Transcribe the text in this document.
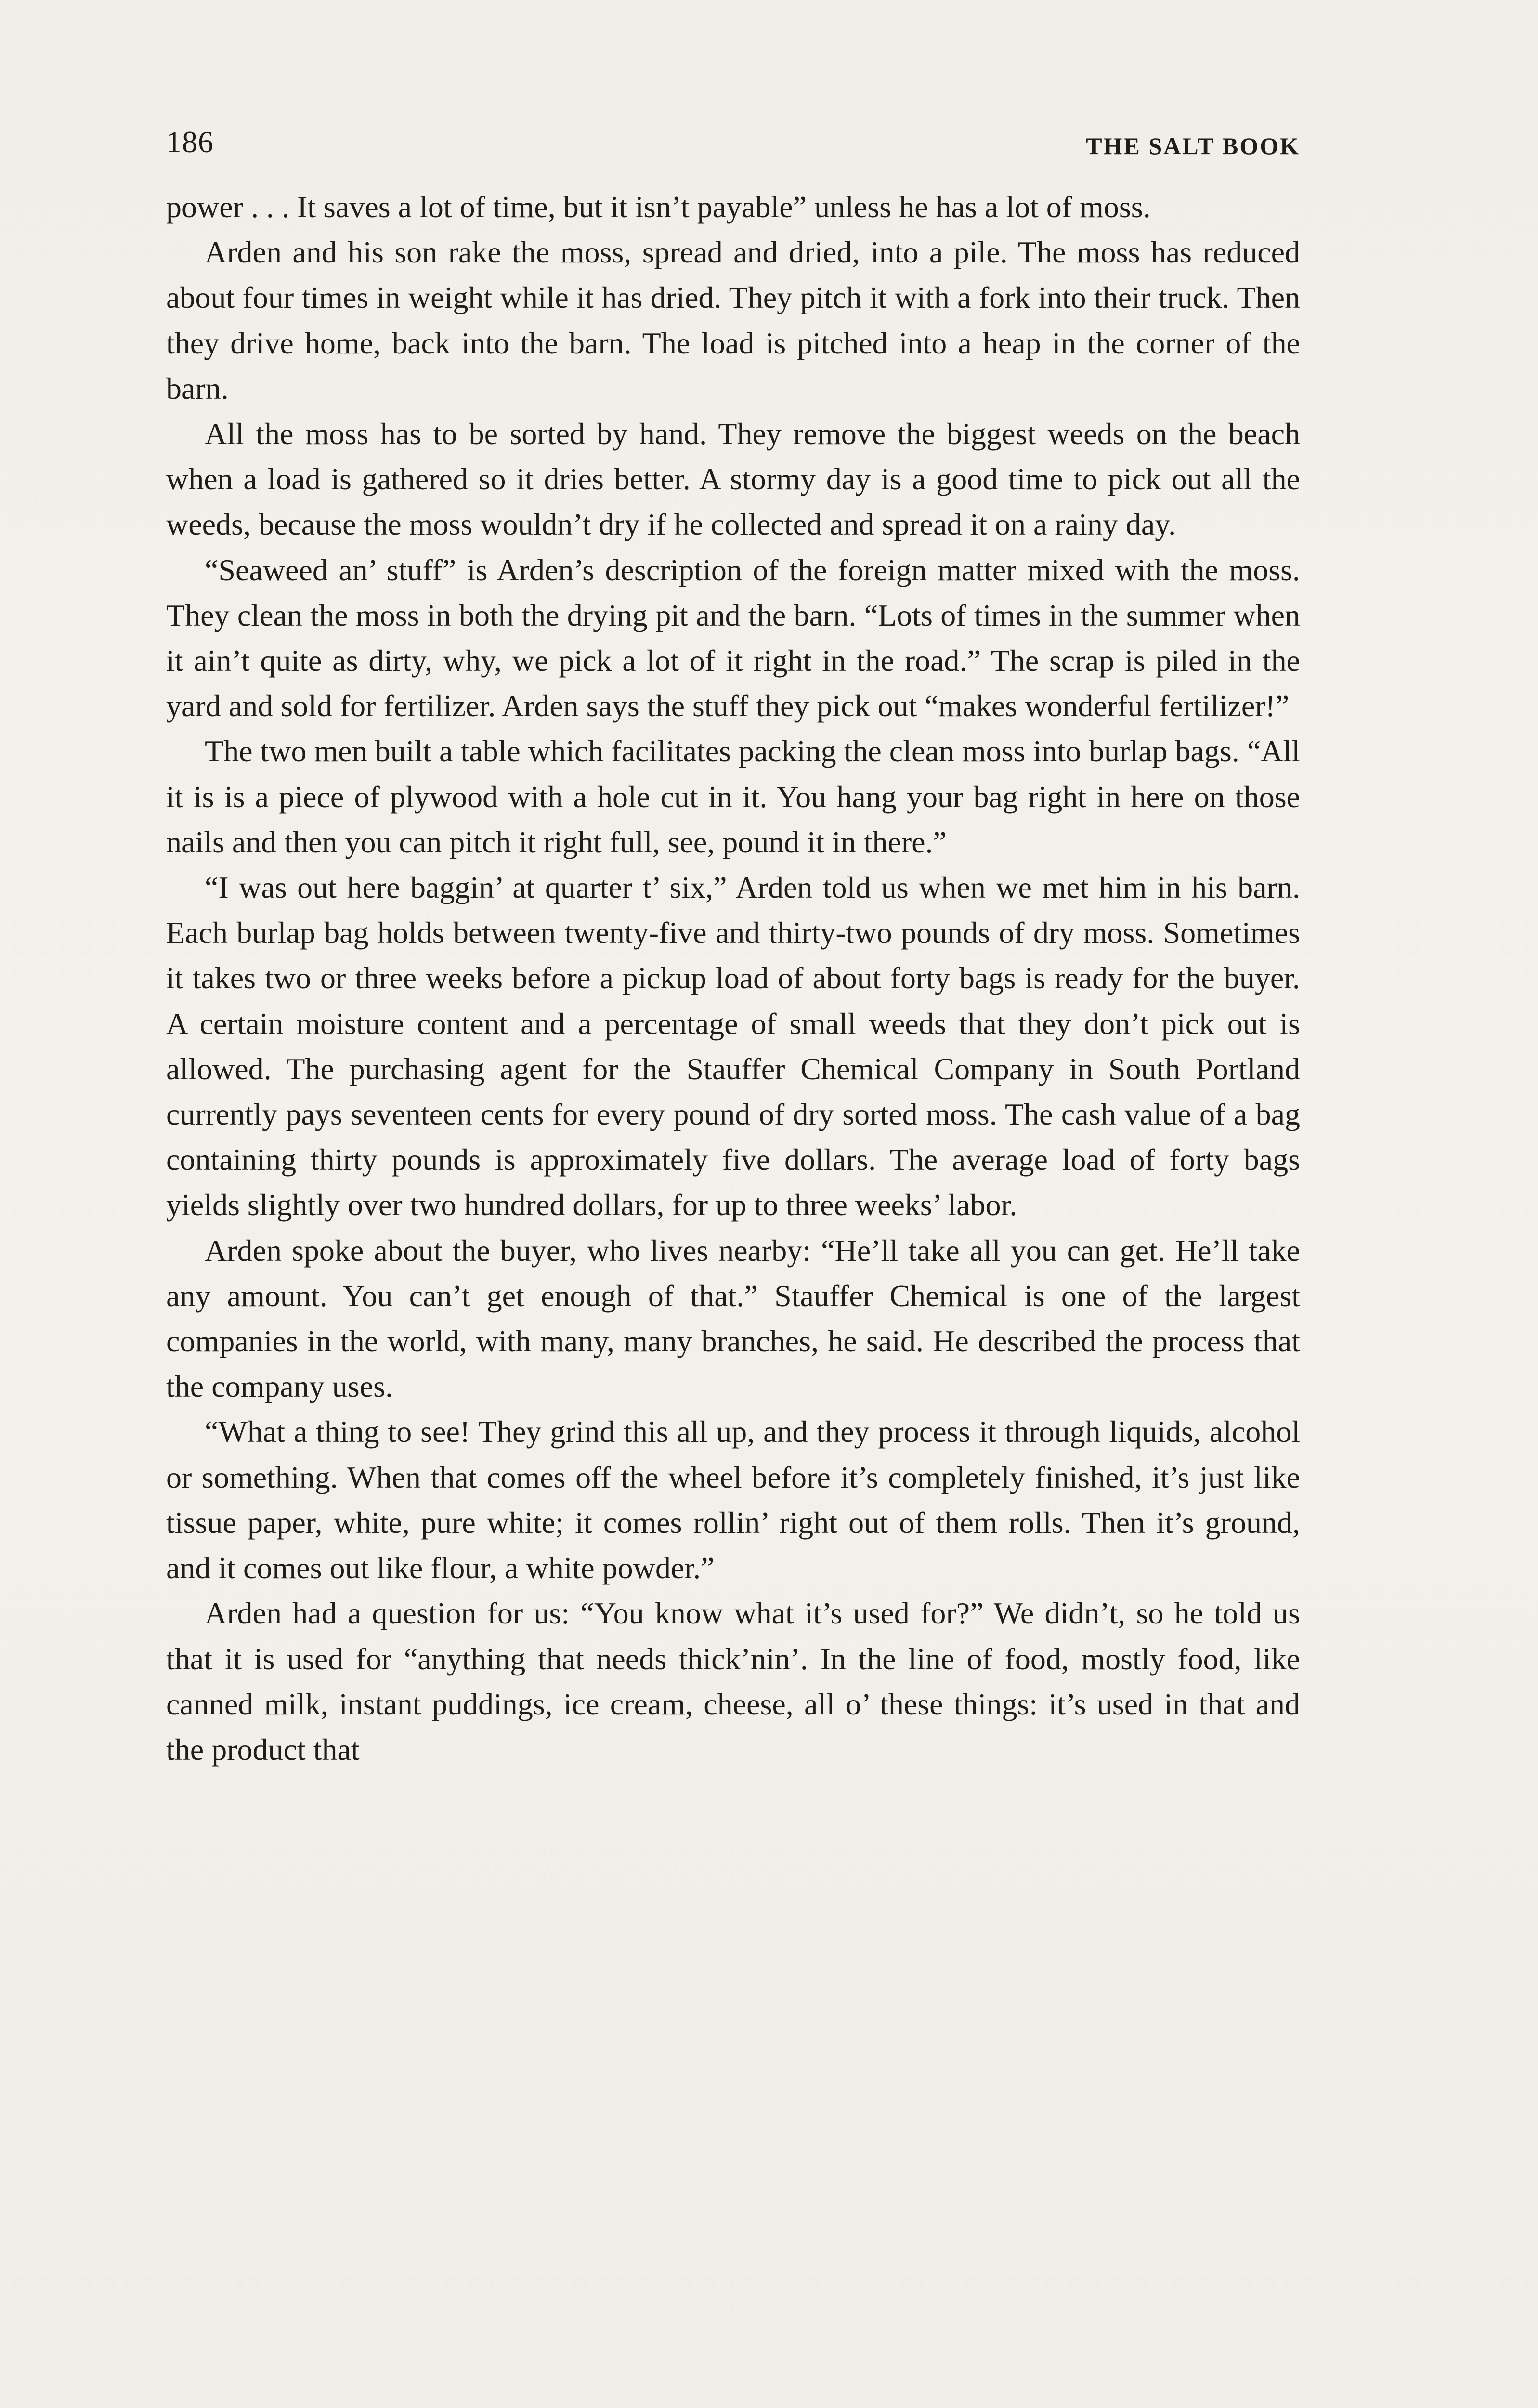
186	THE SALT BOOK

power . . . It saves a lot of time, but it isn’t payable” unless he has a lot of moss.

Arden and his son rake the moss, spread and dried, into a pile. The moss has reduced about four times in weight while it has dried. They pitch it with a fork into their truck. Then they drive home, back into the barn. The load is pitched into a heap in the corner of the barn.

All the moss has to be sorted by hand. They remove the biggest weeds on the beach when a load is gathered so it dries better. A stormy day is a good time to pick out all the weeds, because the moss wouldn’t dry if he collected and spread it on a rainy day.

“Seaweed an’ stuff” is Arden’s description of the foreign matter mixed with the moss. They clean the moss in both the drying pit and the barn. “Lots of times in the summer when it ain’t quite as dirty, why, we pick a lot of it right in the road.” The scrap is piled in the yard and sold for fertilizer. Arden says the stuff they pick out “makes wonderful fertilizer!”

The two men built a table which facilitates packing the clean moss into burlap bags. “All it is is a piece of plywood with a hole cut in it. You hang your bag right in here on those nails and then you can pitch it right full, see, pound it in there.”

“I was out here baggin’ at quarter t’ six,” Arden told us when we met him in his barn. Each burlap bag holds between twenty-five and thirty-two pounds of dry moss. Sometimes it takes two or three weeks before a pickup load of about forty bags is ready for the buyer. A certain moisture content and a percentage of small weeds that they don’t pick out is allowed. The purchasing agent for the Stauffer Chemical Company in South Portland currently pays seventeen cents for every pound of dry sorted moss. The cash value of a bag containing thirty pounds is approximately five dollars. The average load of forty bags yields slightly over two hundred dollars, for up to three weeks’ labor.

Arden spoke about the buyer, who lives nearby: “He’ll take all you can get. He’ll take any amount. You can’t get enough of that.” Stauffer Chemical is one of the largest companies in the world, with many, many branches, he said. He described the process that the company uses.

“What a thing to see! They grind this all up, and they process it through liquids, alcohol or something. When that comes off the wheel before it’s completely finished, it’s just like tissue paper, white, pure white; it comes rollin’ right out of them rolls. Then it’s ground, and it comes out like flour, a white powder.”

Arden had a question for us: “You know what it’s used for?” We didn’t, so he told us that it is used for “anything that needs thick’nin’. In the line of food, mostly food, like canned milk, instant puddings, ice cream, cheese, all o’ these things: it’s used in that and the product that
